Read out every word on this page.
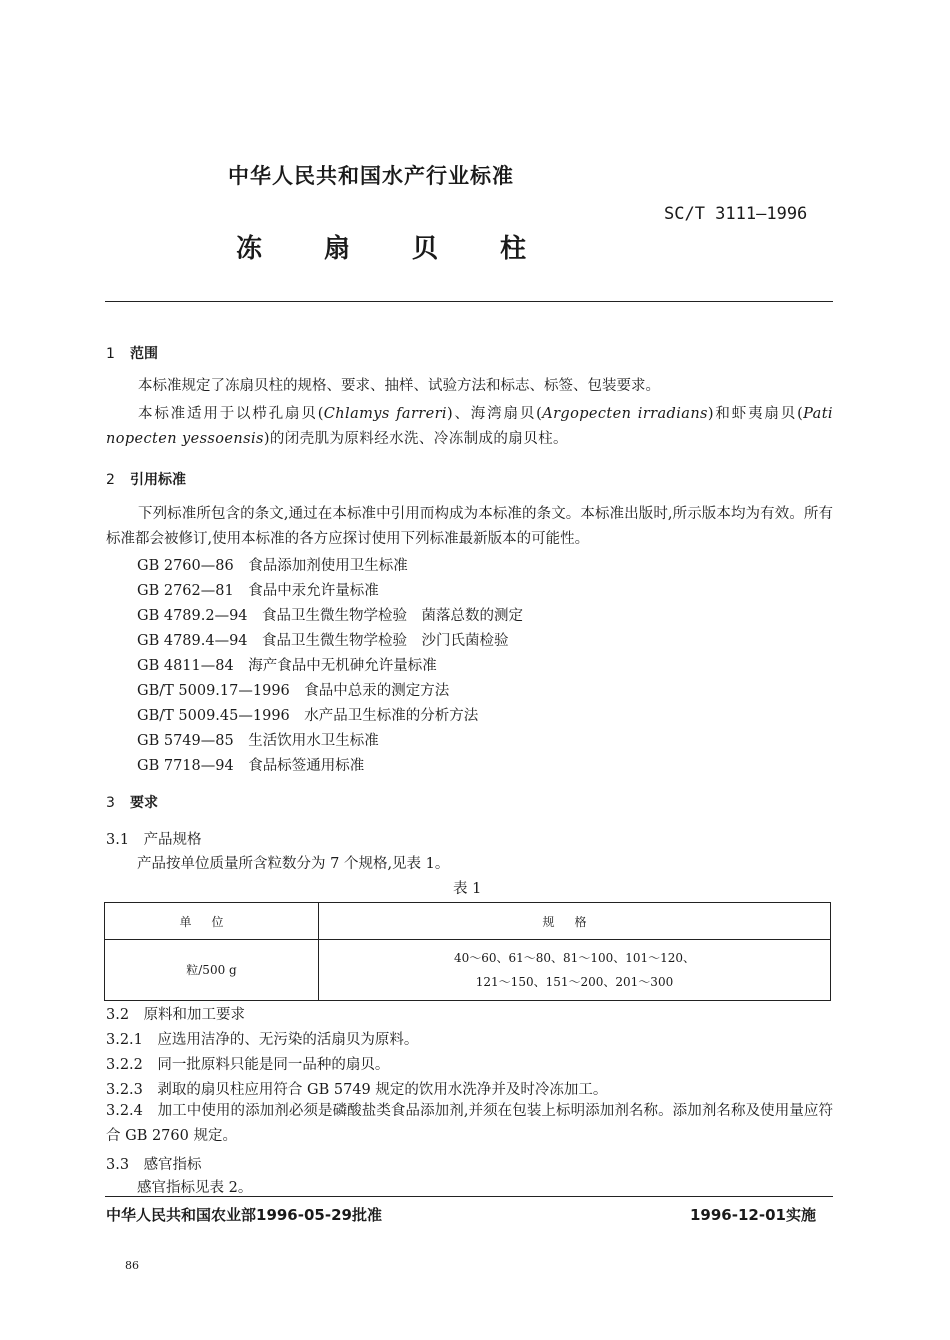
中华人民共和国水产行业标准
SC/T 3111—1996
冻扇贝柱
1 范围
本标准规定了冻扇贝柱的规格、要求、抽样、试验方法和标志、标签、包装要求。
本标准适用于以栉孔扇贝(Chlamys farreri)、海湾扇贝(Argopecten irradians)和虾夷扇贝(Pati nopecten yessoensis)的闭壳肌为原料经水洗、冷冻制成的扇贝柱。
2 引用标准
下列标准所包含的条文,通过在本标准中引用而构成为本标准的条文。本标准出版时,所示版本均为有效。所有标准都会被修订,使用本标准的各方应探讨使用下列标准最新版本的可能性。
GB 2760—86　 食品添加剂使用卫生标准
GB 2762—81　 食品中汞允许量标准
GB 4789.2—94　 食品卫生微生物学检验　菌落总数的测定
GB 4789.4—94　 食品卫生微生物学检验　沙门氏菌检验
GB 4811—84　 海产食品中无机砷允许量标准
GB/T 5009.17—1996　 食品中总汞的测定方法
GB/T 5009.45—1996　 水产品卫生标准的分析方法
GB 5749—85　 生活饮用水卫生标准
GB 7718—94　 食品标签通用标准
3 要求
3.1　 产品规格
产品按单位质量所含粒数分为 7 个规格,见表 1。
表 1
单位	规格
粒/500 g	40～60、61～80、81～100、101～120、
121～150、151～200、201～300
3.2　 原料和加工要求
3.2.1　 应选用洁净的、无污染的活扇贝为原料。
3.2.2　 同一批原料只能是同一品种的扇贝。
3.2.3　 剥取的扇贝柱应用符合 GB 5749 规定的饮用水洗净并及时冷冻加工。
3.2.4　 加工中使用的添加剂必须是磷酸盐类食品添加剂,并须在包装上标明添加剂名称。添加剂名称及使用量应符合 GB 2760 规定。
3.3　 感官指标
感官指标见表 2。
中华人民共和国农业部1996-05-29批准	1996-12-01实施
86
